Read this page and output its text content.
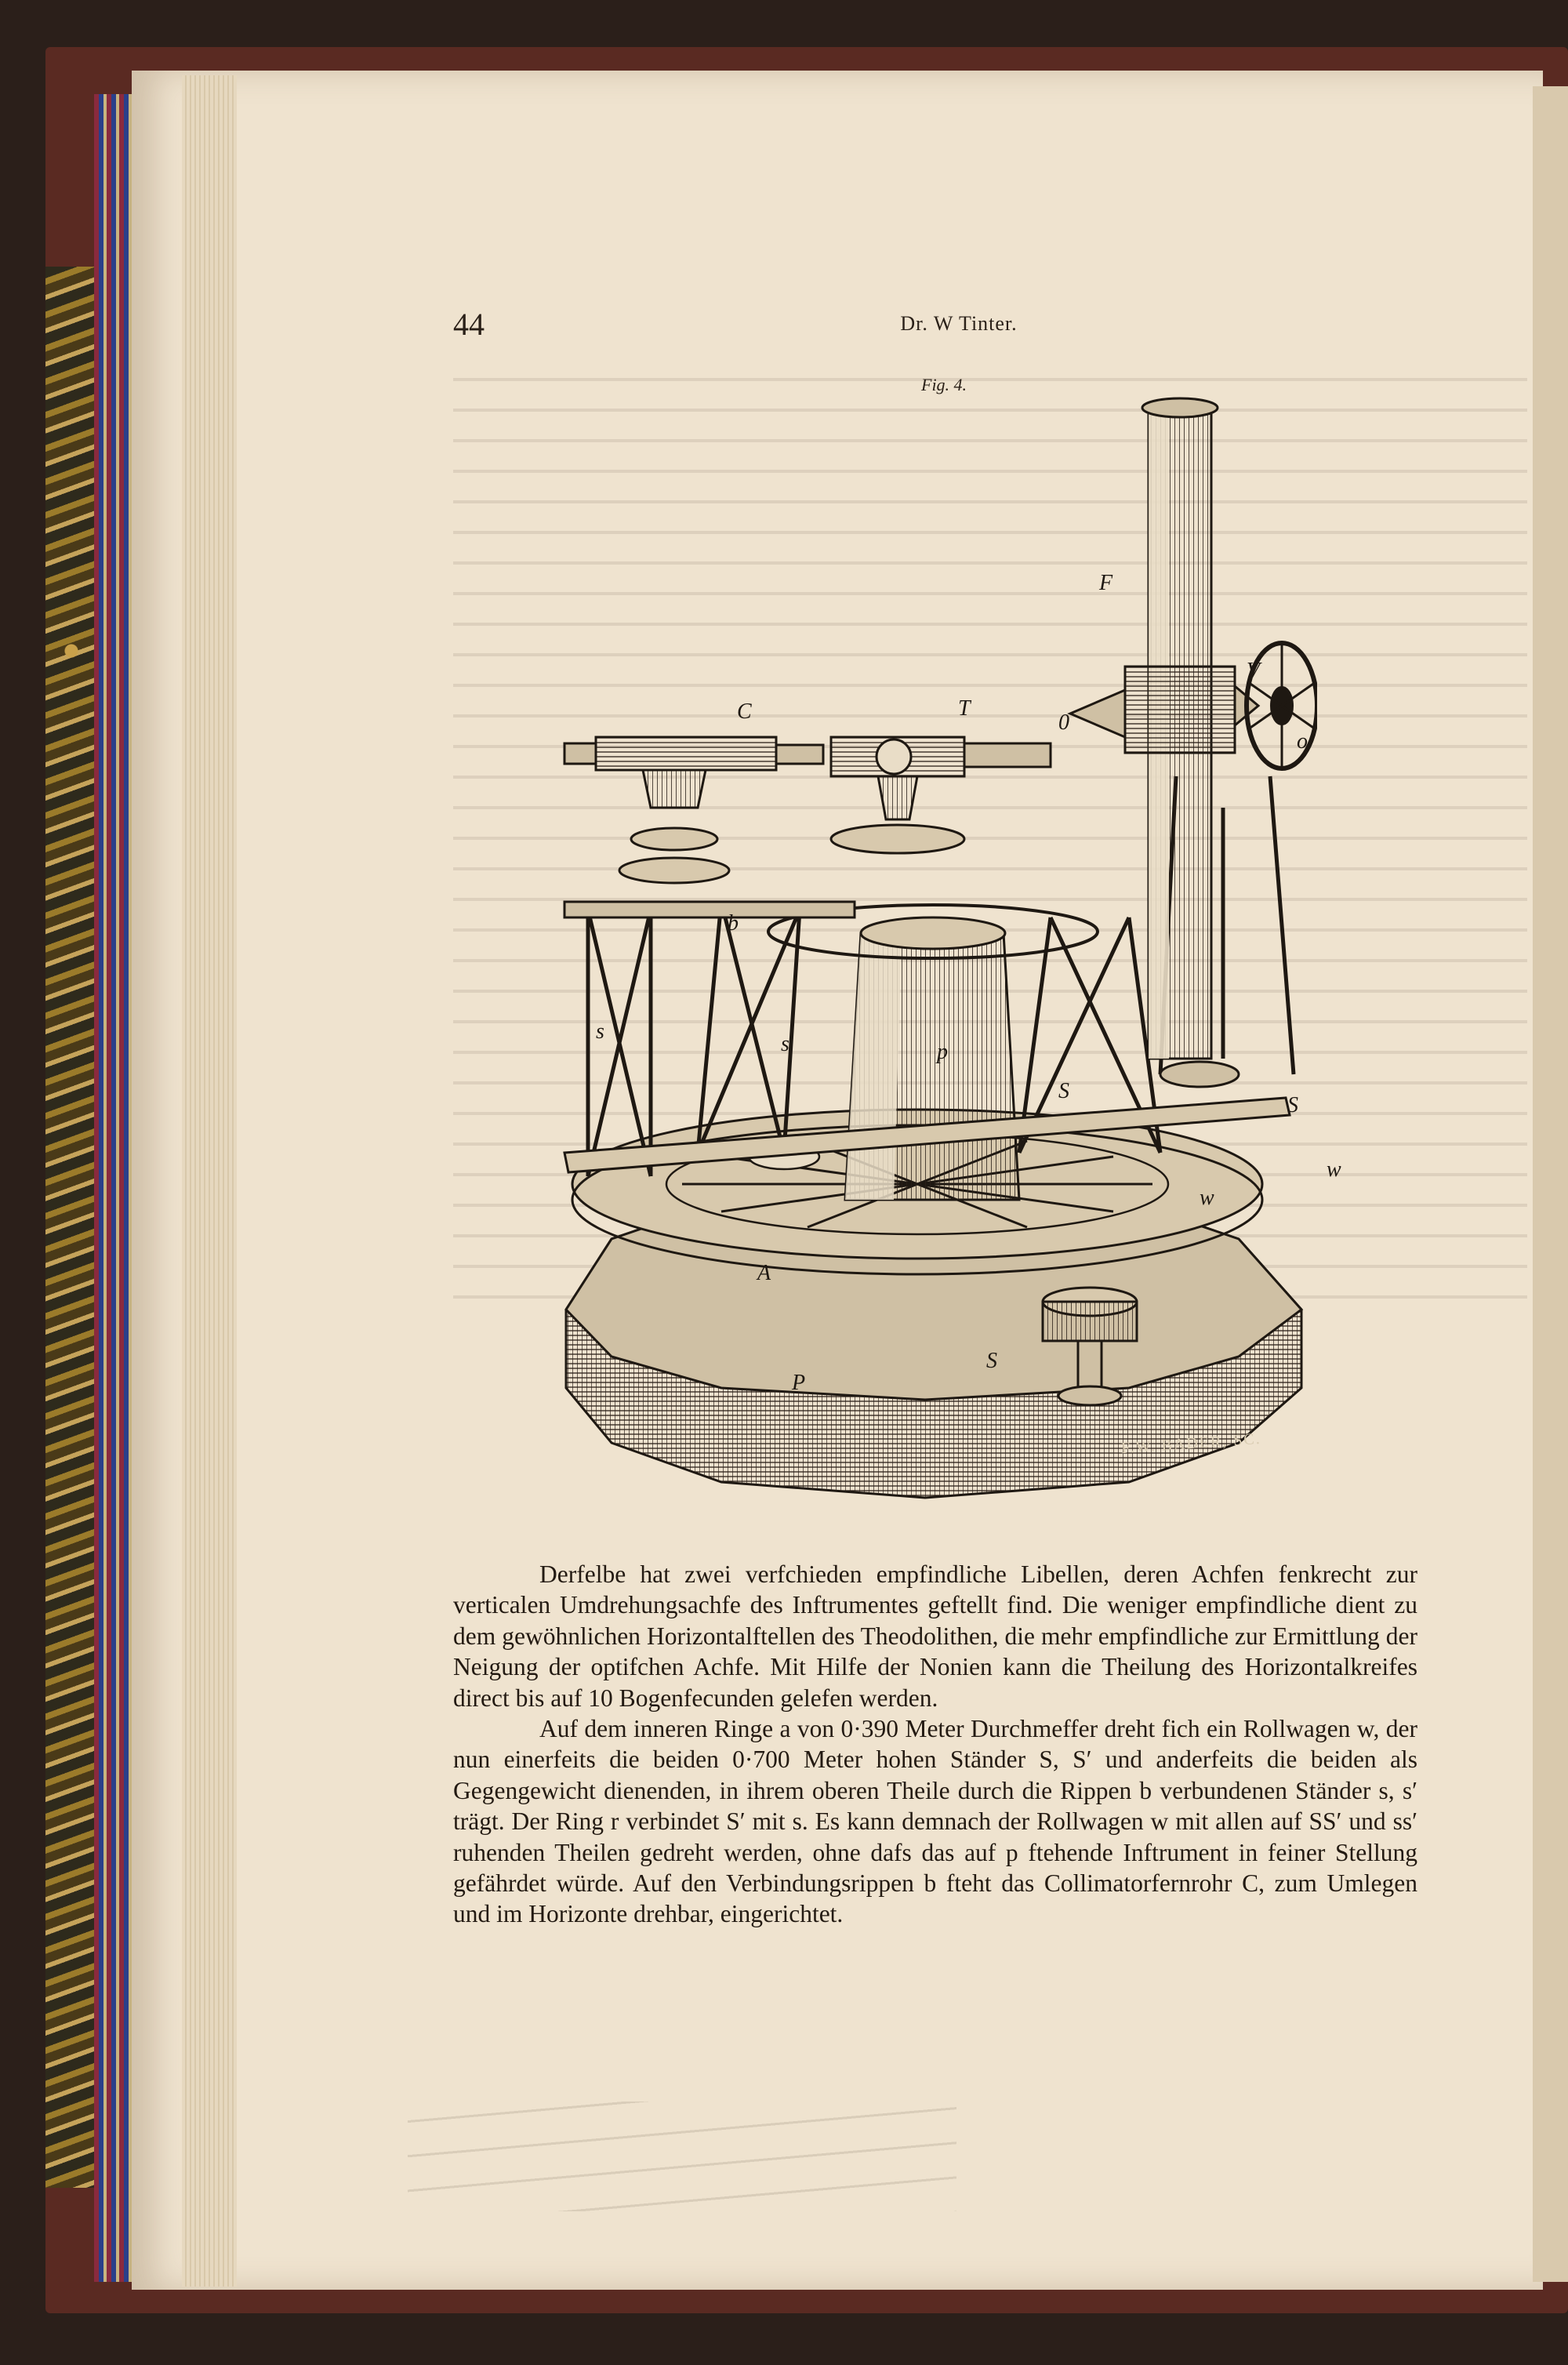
44	Dr. W Tinter.
Fig. 4.
F
V
0
o
C	T
b
s
s	p
S
S
w
w
A
P
S
F.W. BADER, SC.

Derfelbe hat zwei verfchieden empfindliche Libellen, deren Achfen fenkrecht zur verticalen Umdrehungsachfe des Inftrumentes geftellt find. Die weniger empfindliche dient zu dem gewöhnlichen Horizontalftellen des Theodolithen, die mehr empfindliche zur Ermittlung der Neigung der optifchen Achfe. Mit Hilfe der Nonien kann die Theilung des Horizontalkreifes direct bis auf 10 Bogenfecunden gelefen werden.

Auf dem inneren Ringe a von 0·390 Meter Durchmeffer dreht fich ein Rollwagen w, der nun einerfeits die beiden 0·700 Meter hohen Ständer S, S′ und anderfeits die beiden als Gegengewicht dienenden, in ihrem oberen Theile durch die Rippen b verbundenen Ständer s, s′ trägt. Der Ring r verbindet S′ mit s. Es kann demnach der Rollwagen w mit allen auf SS′ und ss′ ruhenden Theilen gedreht werden, ohne dafs das auf p ftehende Inftrument in feiner Stellung gefährdet würde. Auf den Verbindungsrippen b fteht das Collimatorfernrohr C, zum Umlegen und im Horizonte drehbar, eingerichtet.
